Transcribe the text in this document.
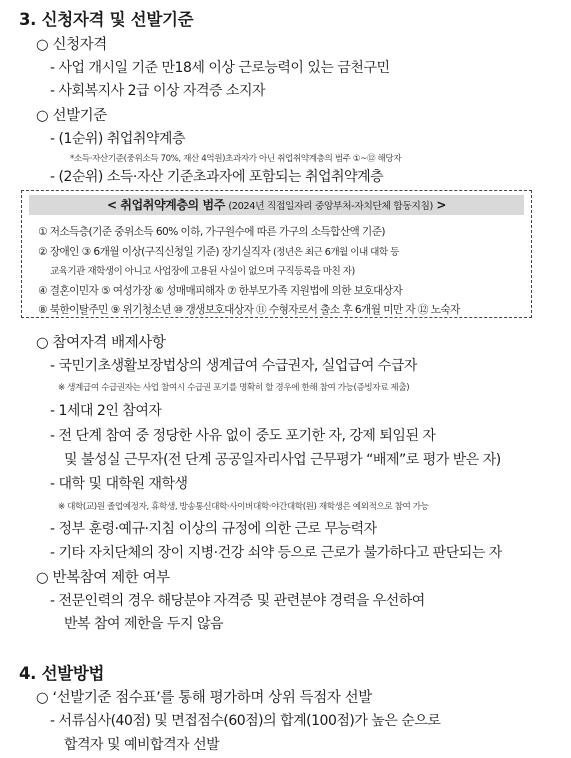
3. 신청자격 및 선발기준
○ 신청자격
- 사업 개시일 기준 만18세 이상 근로능력이 있는 금천구민
- 사회복지사 2급 이상 자격증 소지자
○ 선발기준
- (1순위) 취업취약계층
*소득·자산기준(중위소득 70%, 재산 4억원)초과자가 아닌 취업취약계층의 범주 ①~⑫ 해당자
- (2순위) 소득·자산 기준초과자에 포함되는 취업취약계층
< 취업취약계층의 범주 (2024년 직접일자리 중앙부처-자치단체 합동지침) >
① 저소득층(기준 중위소득 60% 이하, 가구원수에 따른 가구의 소득합산액 기준)
② 장애인 ③ 6개월 이상(구직신청일 기준) 장기실직자 (정년은 최근 6개월 이내 대학 등
교육기관 재학생이 아니고 사업장에 고용된 사실이 없으며 구직등록을 마친 자)
④ 결혼이민자 ⑤ 여성가장 ⑥ 성매매피해자 ⑦ 한부모가족 지원법에 의한 보호대상자
⑧ 북한이탈주민 ⑨ 위기청소년 ⑩ 갱생보호대상자 ⑪ 수형자로서 출소 후 6개월 미만 자 ⑫ 노숙자
○ 참여자격 배제사항
- 국민기초생활보장법상의 생계급여 수급권자, 실업급여 수급자
※ 생계급여 수급권자는 사업 참여시 수급권 포기를 명확히 할 경우에 한해 참여 가능(증빙자료 제출)
- 1세대 2인 참여자
- 전 단계 참여 중 정당한 사유 없이 중도 포기한 자, 강제 퇴임된 자
및 불성실 근무자(전 단계 공공일자리사업 근무평가 “배제”로 평가 받은 자)
- 대학 및 대학원 재학생
※ 대학(교)원 졸업예정자, 휴학생, 방송통신대학·사이버대학·야간대학(원) 재학생은 예외적으로 참여 가능
- 정부 훈령·예규·지침 이상의 규정에 의한 근로 무능력자
- 기타 자치단체의 장이 지병·건강 쇠약 등으로 근로가 불가하다고 판단되는 자
○ 반복참여 제한 여부
- 전문인력의 경우 해당분야 자격증 및 관련분야 경력을 우선하여
반복 참여 제한을 두지 않음
4. 선발방법
○ ‘선발기준 점수표’를 통해 평가하며 상위 득점자 선발
- 서류심사(40점) 및 면접점수(60점)의 합계(100점)가 높은 순으로
합격자 및 예비합격자 선발
